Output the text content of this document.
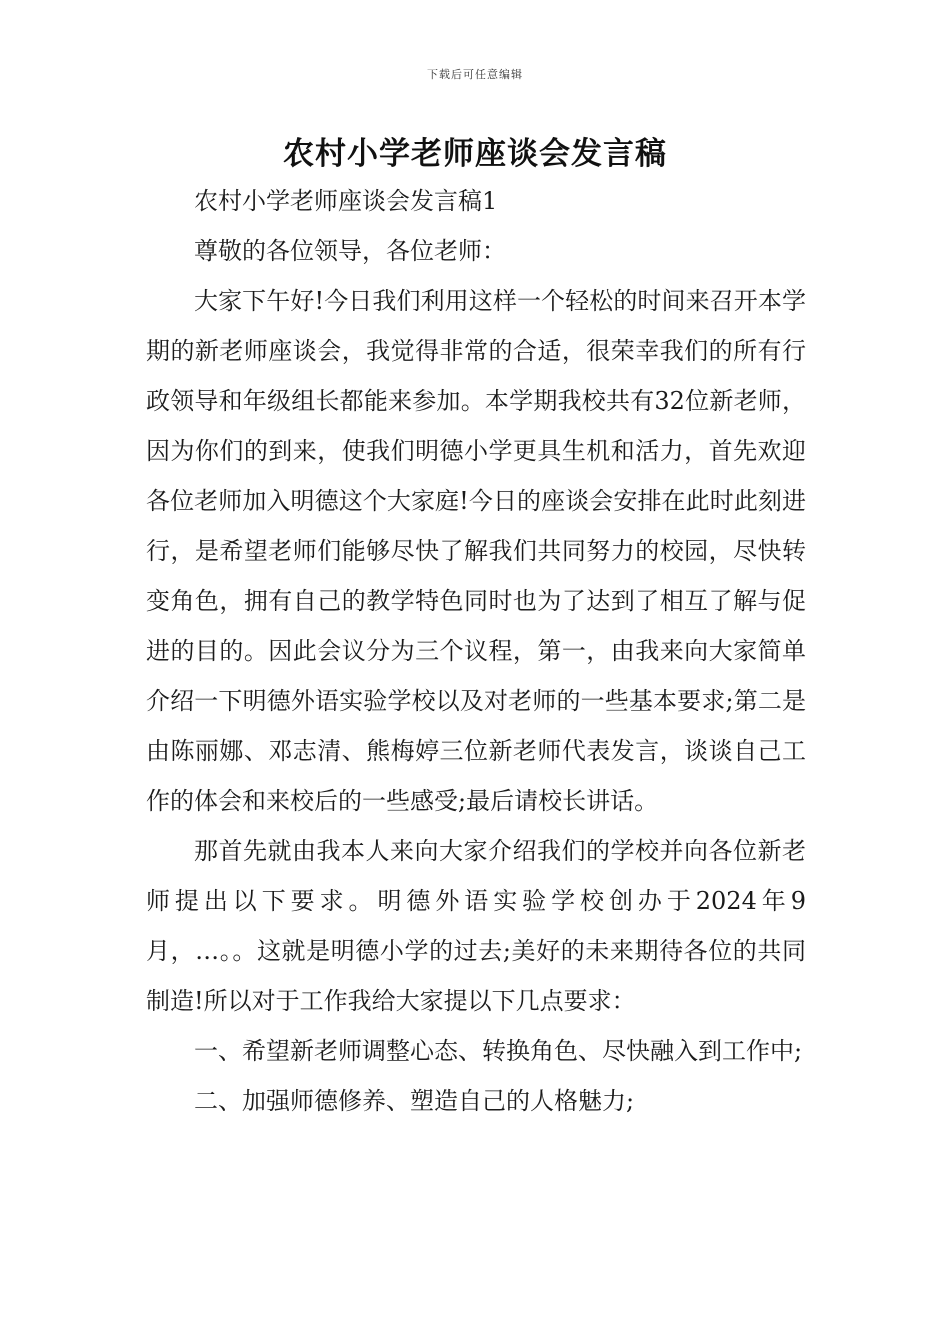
下载后可任意编辑
农村小学老师座谈会发言稿

农村小学老师座谈会发言稿1

尊敬的各位领导，各位老师：

大家下午好!今日我们利用这样一个轻松的时间来召开本学期的新老师座谈会，我觉得非常的合适，很荣幸我们的所有行政领导和年级组长都能来参加。本学期我校共有32位新老师，因为你们的到来，使我们明德小学更具生机和活力，首先欢迎各位老师加入明德这个大家庭!今日的座谈会安排在此时此刻进行，是希望老师们能够尽快了解我们共同努力的校园，尽快转变角色，拥有自己的教学特色同时也为了达到了相互了解与促进的目的。因此会议分为三个议程，第一，由我来向大家简单介绍一下明德外语实验学校以及对老师的一些基本要求;第二是由陈丽娜、邓志清、熊梅婷三位新老师代表发言，谈谈自己工作的体会和来校后的一些感受;最后请校长讲话。

那首先就由我本人来向大家介绍我们的学校并向各位新老师提出以下要求。明德外语实验学校创办于2024年9月，…。。这就是明德小学的过去;美好的未来期待各位的共同制造!所以对于工作我给大家提以下几点要求：

一、希望新老师调整心态、转换角色、尽快融入到工作中;

二、加强师德修养、塑造自己的人格魅力;
